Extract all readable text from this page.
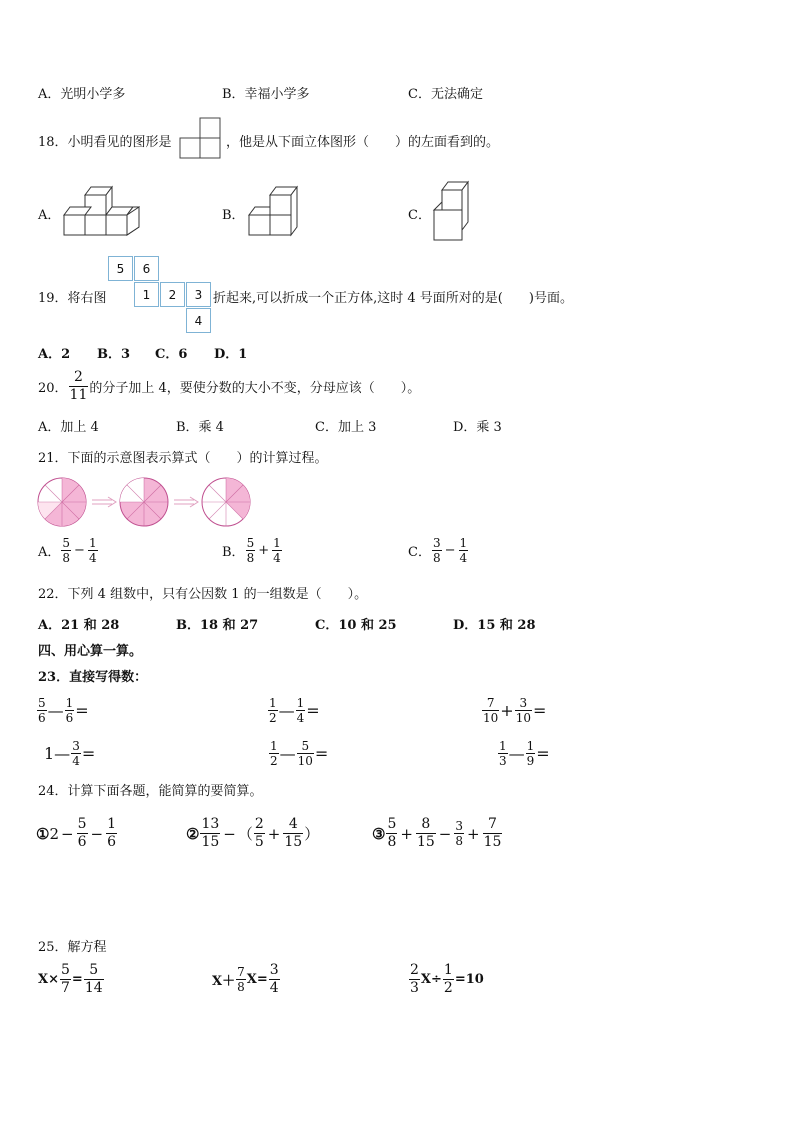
A．光明小学多	B．幸福小学多	C．无法确定
18．小明看见的图形是	，他是从下面立体图形（　　）的左面看到的。
A．	B．	C．
19．将右图
5	6
1	2	3
4
折起来,可以折成一个正方体,这时 4 号面所对的是(　　)号面。
A．2 B．3 C．6 D．1
20． $\frac{2}{11}$ 的分子加上 4，要使分数的大小不变，分母应该（　　）。
A．加上 4	B．乘 4	C．加上 3	D．乘 3
21．下面的示意图表示算式（　　）的计算过程。
A． $\frac{5}{8} - \frac{1}{4}$	B． $\frac{5}{8} + \frac{1}{4}$	C． $\frac{3}{8} - \frac{1}{4}$
22．下列 4 组数中，只有公因数 1 的一组数是（　　）。
A．21 和 28	B．18 和 27	C．10 和 25	D．15 和 28
四、用心算一算。
23．直接写得数：
$\frac{5}{6}$ — $\frac{1}{6}$ =	$\frac{1}{2}$ — $\frac{1}{4}$ =	$\frac{7}{10} + \frac{3}{10}$ =
1— $\frac{3}{4}$ =	$\frac{1}{2}$ — $\frac{5}{10}$ =	$\frac{1}{3}$ — $\frac{1}{9}$ =
24．计算下面各题，能简算的要简算。
① $2 - \frac{5}{6} - \frac{1}{6}$	② $\frac{13}{15}$ − （ $\frac{2}{5} + \frac{4}{15}$ ）	③ $\frac{5}{8} + \frac{8}{15} - \frac{3}{8} + \frac{7}{15}$
25．解方程
$X\times \frac{5}{7} = \frac{5}{14}$	$X+ \frac{7}{8} X= \frac{3}{4}$	$\frac{2}{3} X\div \frac{1}{2} =10$
